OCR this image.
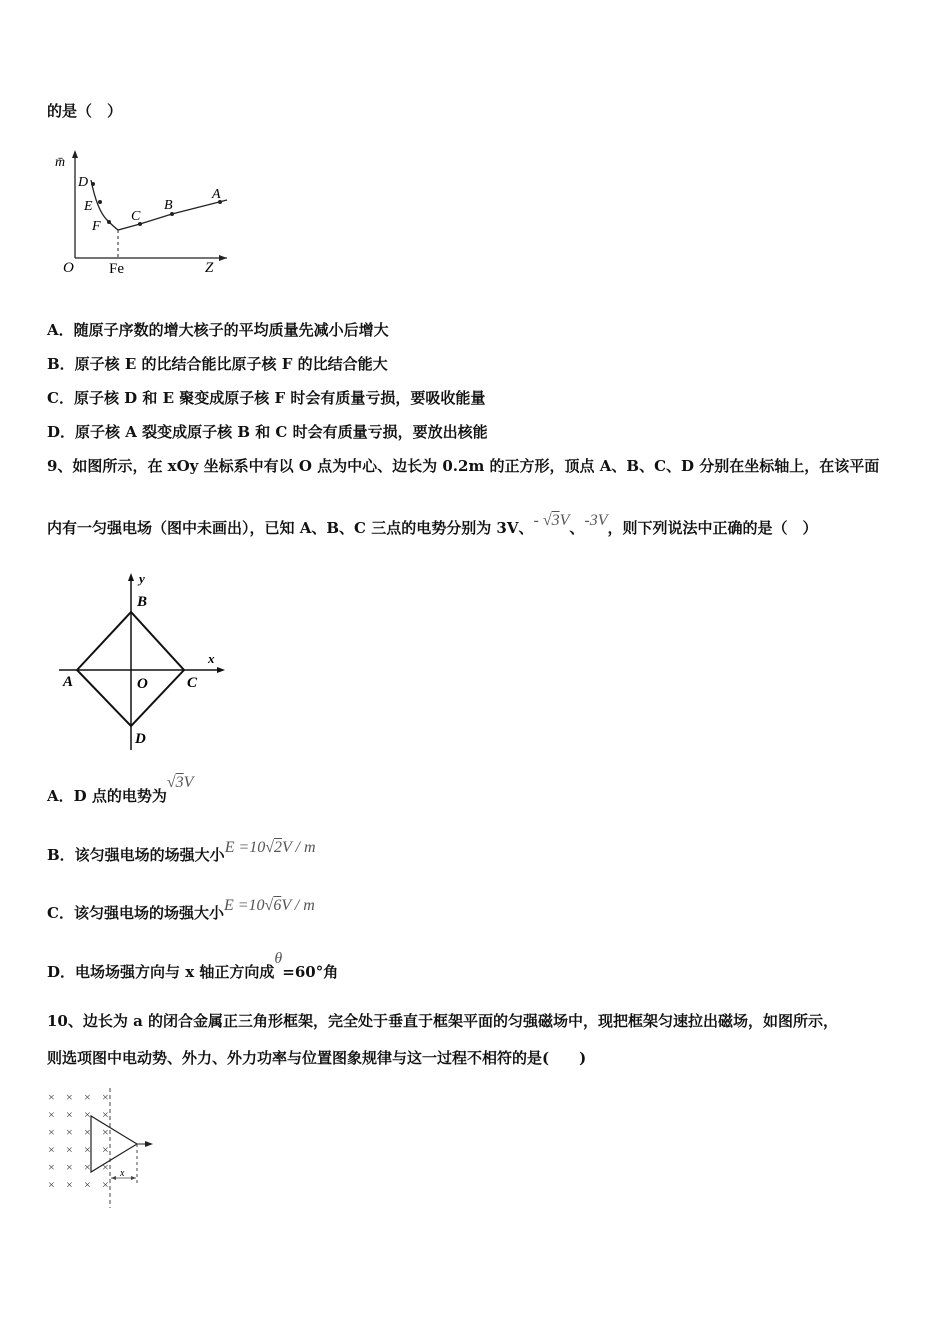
的是（　）
m̄
D
E
F
C
B
A
O Fe	Z
A．随原子序数的增大核子的平均质量先减小后增大
B．原子核 E 的比结合能比原子核 F 的比结合能大
C．原子核 D 和 E 聚变成原子核 F 时会有质量亏损，要吸收能量
D．原子核 A 裂变成原子核 B 和 C 时会有质量亏损，要放出核能
9、如图所示，在 xOy 坐标系中有以 O 点为中心、边长为 0.2m 的正方形，顶点 A、B、C、D 分别在坐标轴上，在该平面
内有一匀强电场（图中未画出），已知 A、B、C 三点的电势分别为 3V、- √3V、-3V，则下列说法中正确的是（　）
y
x
B
A	O	C
D
A．D 点的电势为√3V
B．该匀强电场的场强大小E =10√2V / m
C．该匀强电场的场强大小E =10√6V / m
D．电场场强方向与 x 轴正方向成θ=60°角
10、边长为 a 的闭合金属正三角形框架，完全处于垂直于框架平面的匀强磁场中，现把框架匀速拉出磁场，如图所示，
则选项图中电动势、外力、外力功率与位置图象规律与这一过程不相符的是(　　)
× × × ×
× × × ×
× × × ×
× × × ×
× × × ×
× × × ×
x
